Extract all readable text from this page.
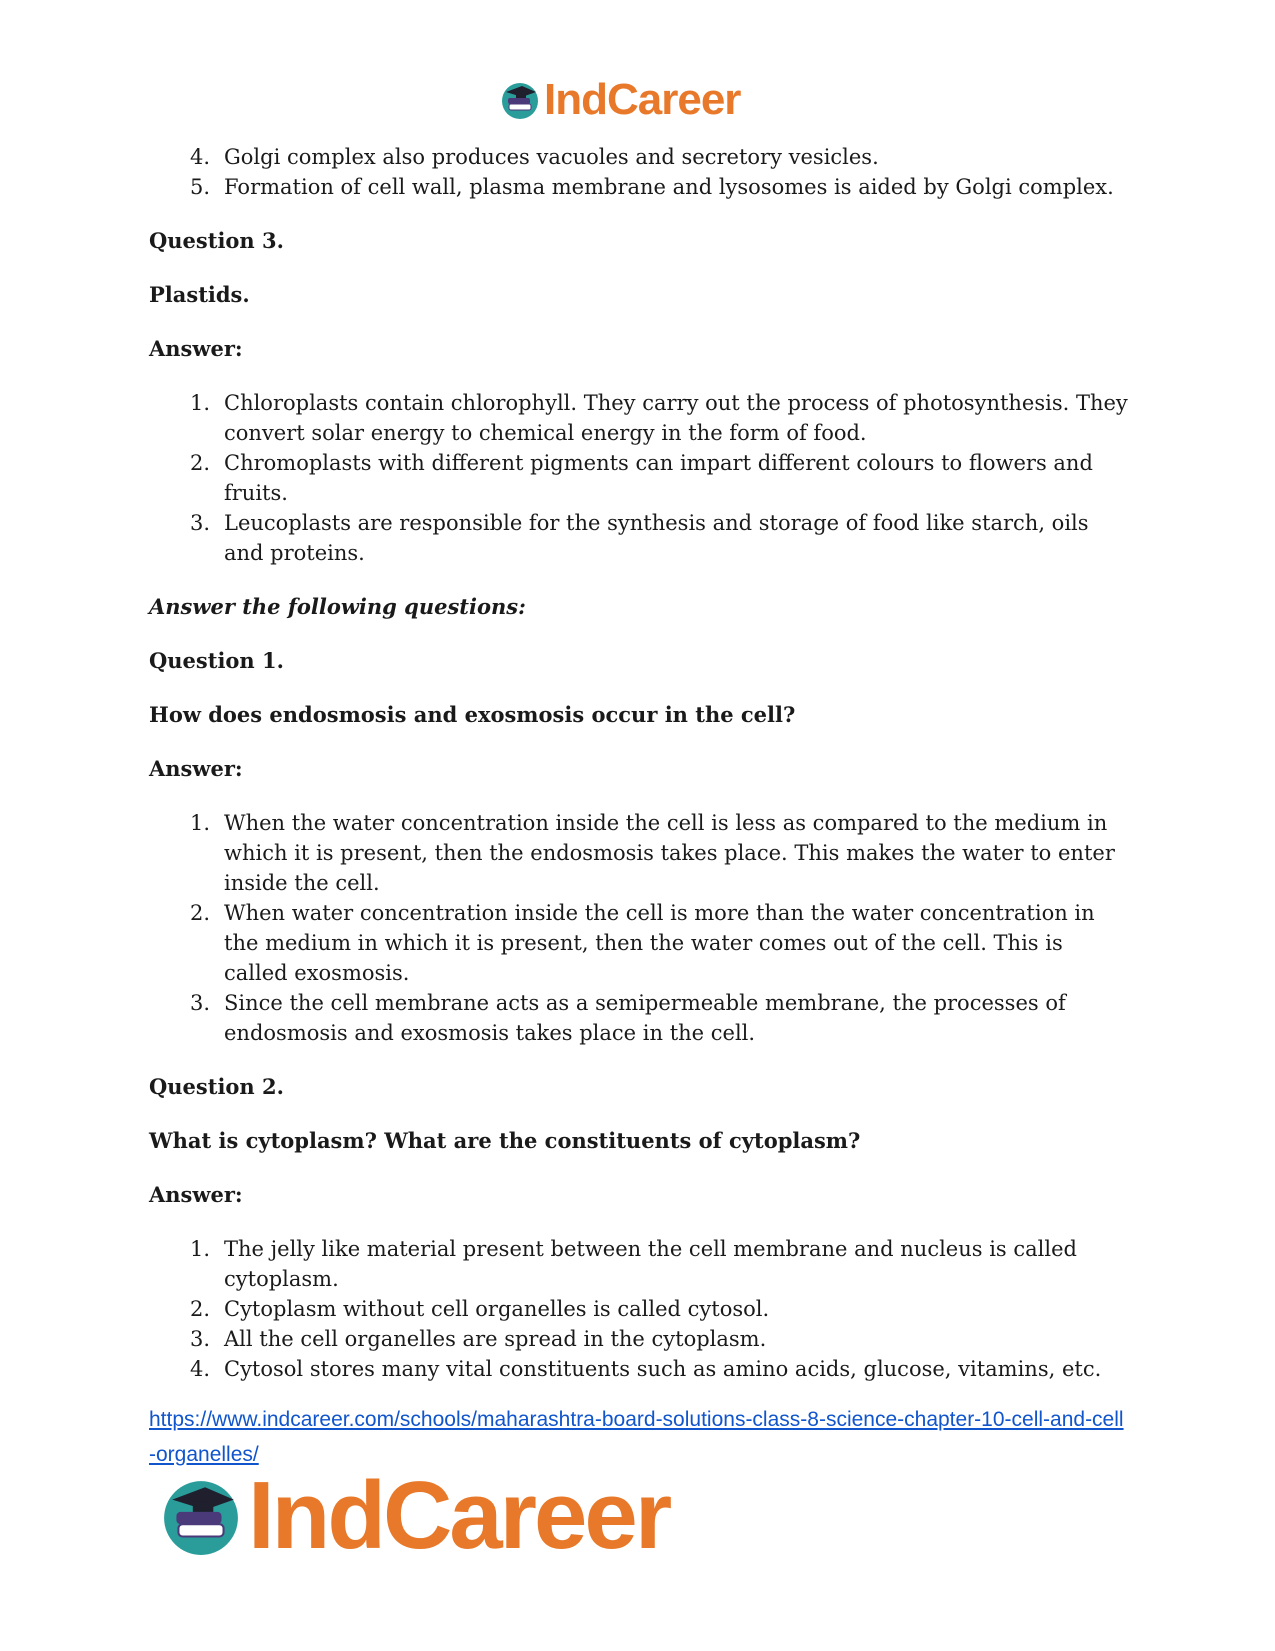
IndCareer
4. Golgi complex also produces vacuoles and secretory vesicles.
5. Formation of cell wall, plasma membrane and lysosomes is aided by Golgi complex.

Question 3.

Plastids.

Answer:

1. Chloroplasts contain chlorophyll. They carry out the process of photosynthesis. They convert solar energy to chemical energy in the form of food.
2. Chromoplasts with different pigments can impart different colours to flowers and fruits.
3. Leucoplasts are responsible for the synthesis and storage of food like starch, oils and proteins.

Answer the following questions:

Question 1.

How does endosmosis and exosmosis occur in the cell?

Answer:

1. When the water concentration inside the cell is less as compared to the medium in which it is present, then the endosmosis takes place. This makes the water to enter inside the cell.
2. When water concentration inside the cell is more than the water concentration in the medium in which it is present, then the water comes out of the cell. This is called exosmosis.
3. Since the cell membrane acts as a semipermeable membrane, the processes of endosmosis and exosmosis takes place in the cell.

Question 2.

What is cytoplasm? What are the constituents of cytoplasm?

Answer:

1. The jelly like material present between the cell membrane and nucleus is called cytoplasm.
2. Cytoplasm without cell organelles is called cytosol.
3. All the cell organelles are spread in the cytoplasm.
4. Cytosol stores many vital constituents such as amino acids, glucose, vitamins, etc.
https://www.indcareer.com/schools/maharashtra-board-solutions-class-8-science-chapter-10-cell-and-cell-organelles/
IndCareer
